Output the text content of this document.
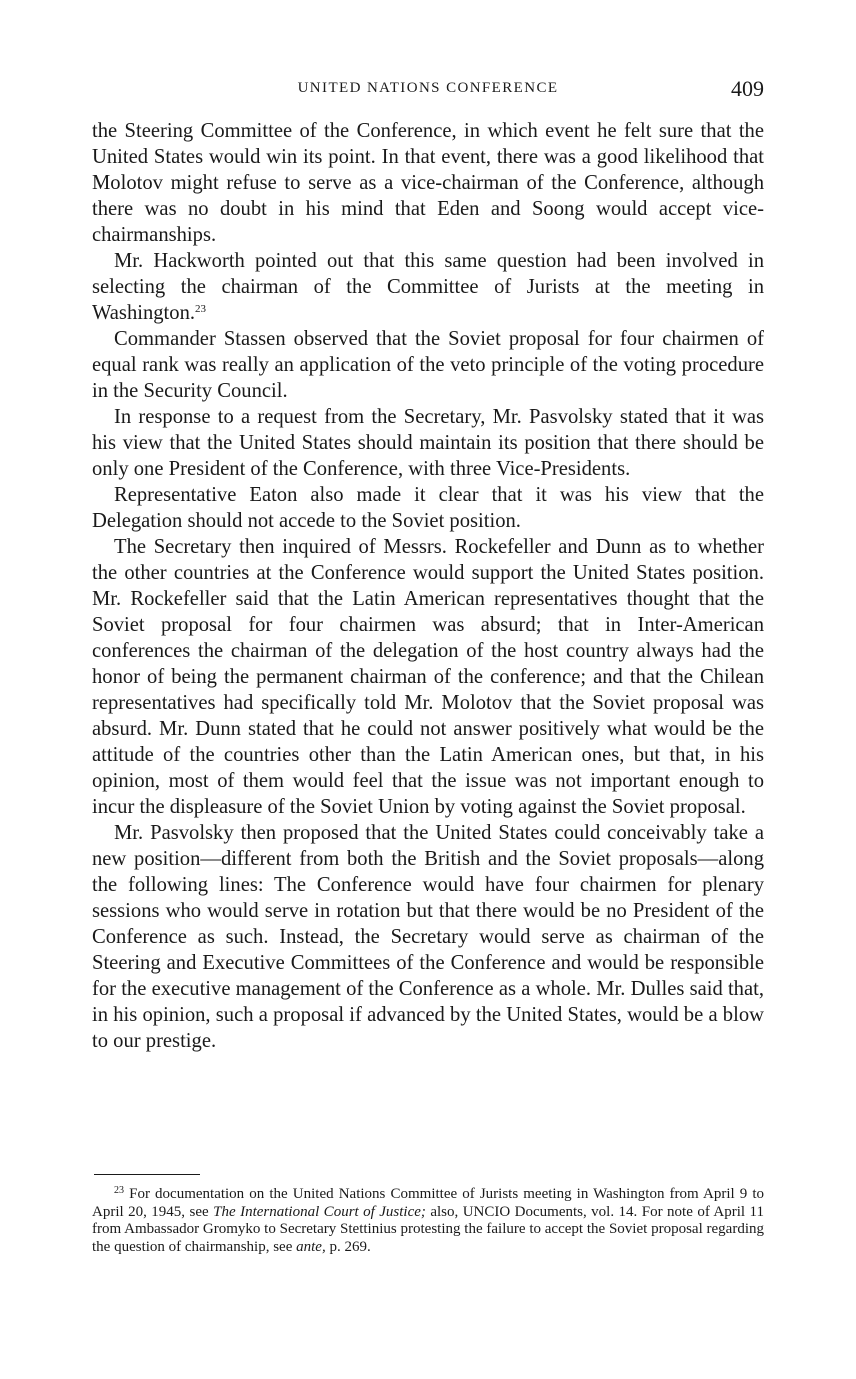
UNITED NATIONS CONFERENCE	409

the Steering Committee of the Conference, in which event he felt sure that the United States would win its point. In that event, there was a good likelihood that Molotov might refuse to serve as a vice-chairman of the Conference, although there was no doubt in his mind that Eden and Soong would accept vice-chairmanships.

Mr. Hackworth pointed out that this same question had been involved in selecting the chairman of the Committee of Jurists at the meeting in Washington.$^{23}$

Commander Stassen observed that the Soviet proposal for four chairmen of equal rank was really an application of the veto principle of the voting procedure in the Security Council.

In response to a request from the Secretary, Mr. Pasvolsky stated that it was his view that the United States should maintain its position that there should be only one President of the Conference, with three Vice-Presidents.

Representative Eaton also made it clear that it was his view that the Delegation should not accede to the Soviet position.

The Secretary then inquired of Messrs. Rockefeller and Dunn as to whether the other countries at the Conference would support the United States position. Mr. Rockefeller said that the Latin American representatives thought that the Soviet proposal for four chairmen was absurd; that in Inter-American conferences the chairman of the delegation of the host country always had the honor of being the permanent chairman of the conference; and that the Chilean representatives had specifically told Mr. Molotov that the Soviet proposal was absurd. Mr. Dunn stated that he could not answer positively what would be the attitude of the countries other than the Latin American ones, but that, in his opinion, most of them would feel that the issue was not important enough to incur the displeasure of the Soviet Union by voting against the Soviet proposal.

Mr. Pasvolsky then proposed that the United States could conceivably take a new position—different from both the British and the Soviet proposals—along the following lines: The Conference would have four chairmen for plenary sessions who would serve in rotation but that there would be no President of the Conference as such. Instead, the Secretary would serve as chairman of the Steering and Executive Committees of the Conference and would be responsible for the executive management of the Conference as a whole. Mr. Dulles said that, in his opinion, such a proposal if advanced by the United States, would be a blow to our prestige.

$^{23}$ For documentation on the United Nations Committee of Jurists meeting in Washington from April 9 to April 20, 1945, see The International Court of Justice; also, UNCIO Documents, vol. 14. For note of April 11 from Ambassador Gromyko to Secretary Stettinius protesting the failure to accept the Soviet proposal regarding the question of chairmanship, see ante, p. 269.
